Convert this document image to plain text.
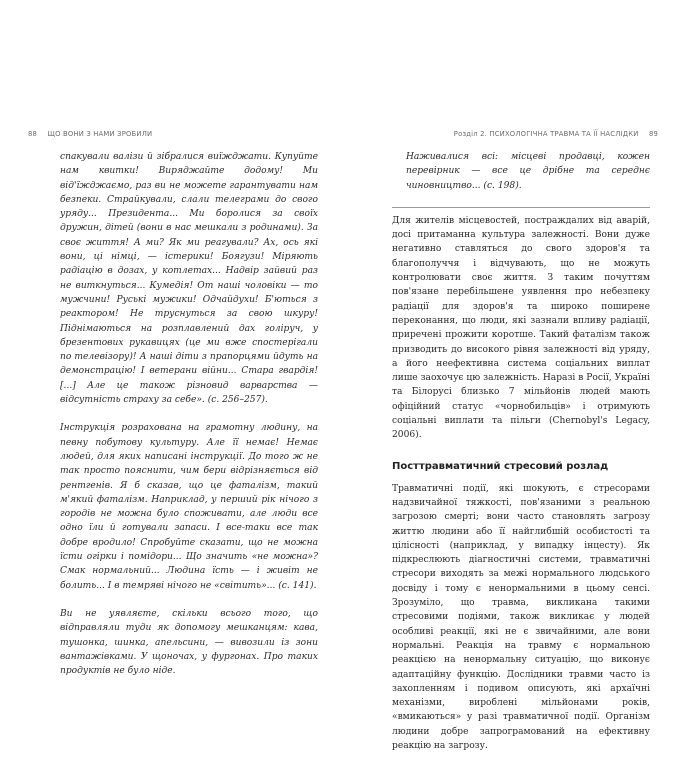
88 ЩО ВОНИ З НАМИ ЗРОБИЛИ

спакували валізи й зібралися виїжджати. Купуйте нам квитки! Виряджайте додому! Ми від'їжджаємо, раз ви не можете гарантувати нам безпеки. Страйкували, слали телеграми до свого уряду... Президента... Ми боролися за своїх дружин, дітей (вони в нас мешкали з родинами). За своє життя! А ми? Як ми реагували? Ах, ось які вони, ці німці, — істерики! Боягузи! Міряють радіацію в дозах, у котлетах... Надвір зайвий раз не виткнуться... Кумедія! От наші чоловіки — то мужчини! Руські мужики! Одчайдухи! Б'ються з реактором! Не труснуться за свою шкуру! Піднімаються на розплавлений дах голіруч, у брезентових рукавицях (це ми вже спостерігали по телевізору)! А наші діти з прапорцями йдуть на демонстрацію! І ветерани війни... Стара гвардія! [...] Але це також різновид варварства — відсутність страху за себе». (с. 256–257).

Інструкція розрахована на грамотну людину, на певну побутову культуру. Але її немає! Немає людей, для яких написані інструкції. До того ж не так просто пояснити, чим бери відрізняється від рентгенів. Я б сказав, що це фаталізм, такий м'який фаталізм. Наприклад, у перший рік нічого з городів не можна було споживати, але люди все одно їли й готували запаси. І все-таки все так добре вродило! Спробуйте сказати, що не можна їсти огірки і помідори... Що значить «не можна»? Смак нормальний... Людина їсть — і живіт не болить... І в темряві нічого не «світить»... (с. 141).

Ви не уявляєте, скільки всього того, що відправляли туди як допомогу мешканцям: кава, тушонка, шинка, апельсини, — вивозили із зони вантажівками. У щоночах, у фургонах. Про таких продуктів не було ніде.

Розділ 2. ПСИХОЛОГІЧНА ТРАВМА ТА ЇЇ НАСЛІДКИ 89

Наживалися всі: місцеві продавці, кожен перевірник — все це дрібне та середнє чиновництво... (с. 198).

Для жителів місцевостей, постраждалих від аварій, досі притаманна культура залежності. Вони дуже негативно ставляться до свого здоров'я та благополуччя і відчувають, що не можуть контролювати своє життя. З таким почуттям пов'язане перебільшене уявлення про небезпеку радіації для здоров'я та широко поширене переконання, що люди, які зазнали впливу радіації, приречені прожити коротше. Такий фаталізм також призводить до високого рівня залежності від уряду, а його неефективна система соціальних виплат лише заохочує цю залежність. Наразі в Росії, Україні та Білорусі близько 7 мільйонів людей мають офіційний статус «чорнобильців» і отримують соціальні виплати та пільги (Chernobyl's Legacy, 2006).

Посттравматичний стресовий розлад

Травматичні події, які шокують, є стресорами надзвичайної тяжкості, пов'язаними з реальною загрозою смерті; вони часто становлять загрозу життю людини або її найглибшій особистості та цілісності (наприклад, у випадку інцесту). Як підкреслюють діагностичні системи, травматичні стресори виходять за межі нормального людського досвіду і тому є ненормальними в цьому сенсі. Зрозуміло, що травма, викликана такими стресовими подіями, також викликає у людей особливі реакції, які не є звичайними, але вони нормальні. Реакція на травму є нормальною реакцією на ненормальну ситуацію, що виконує адаптаційну функцію. Дослідники травми часто із захопленням і подивом описують, які архаїчні механізми, вироблені мільйонами років, «вмикаються» у разі травматичної події. Організм людини добре запрограмований на ефективну реакцію на загрозу.
